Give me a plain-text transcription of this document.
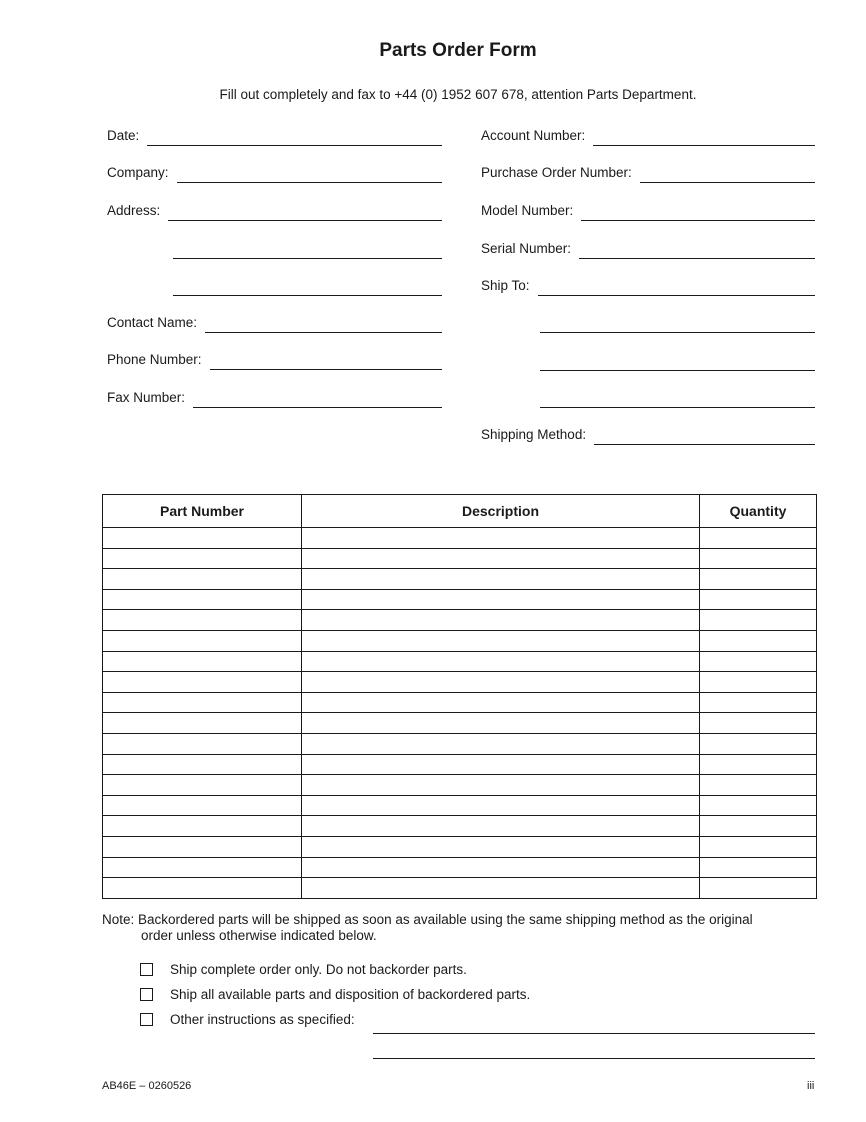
Parts Order Form
Fill out completely and fax to +44 (0) 1952 607 678, attention Parts Department.
Date:
Company:
Address:
Contact Name:
Phone Number:
Fax Number:
Account Number:
Purchase Order Number:
Model Number:
Serial Number:
Ship To:
Shipping Method:
Part Number	Description	Quantity

Note: Backordered parts will be shipped as soon as available using the same shipping method as the original
order unless otherwise indicated below.
Ship complete order only. Do not backorder parts.
Ship all available parts and disposition of backordered parts.
Other instructions as specified:
AB46E – 0260526	iii
